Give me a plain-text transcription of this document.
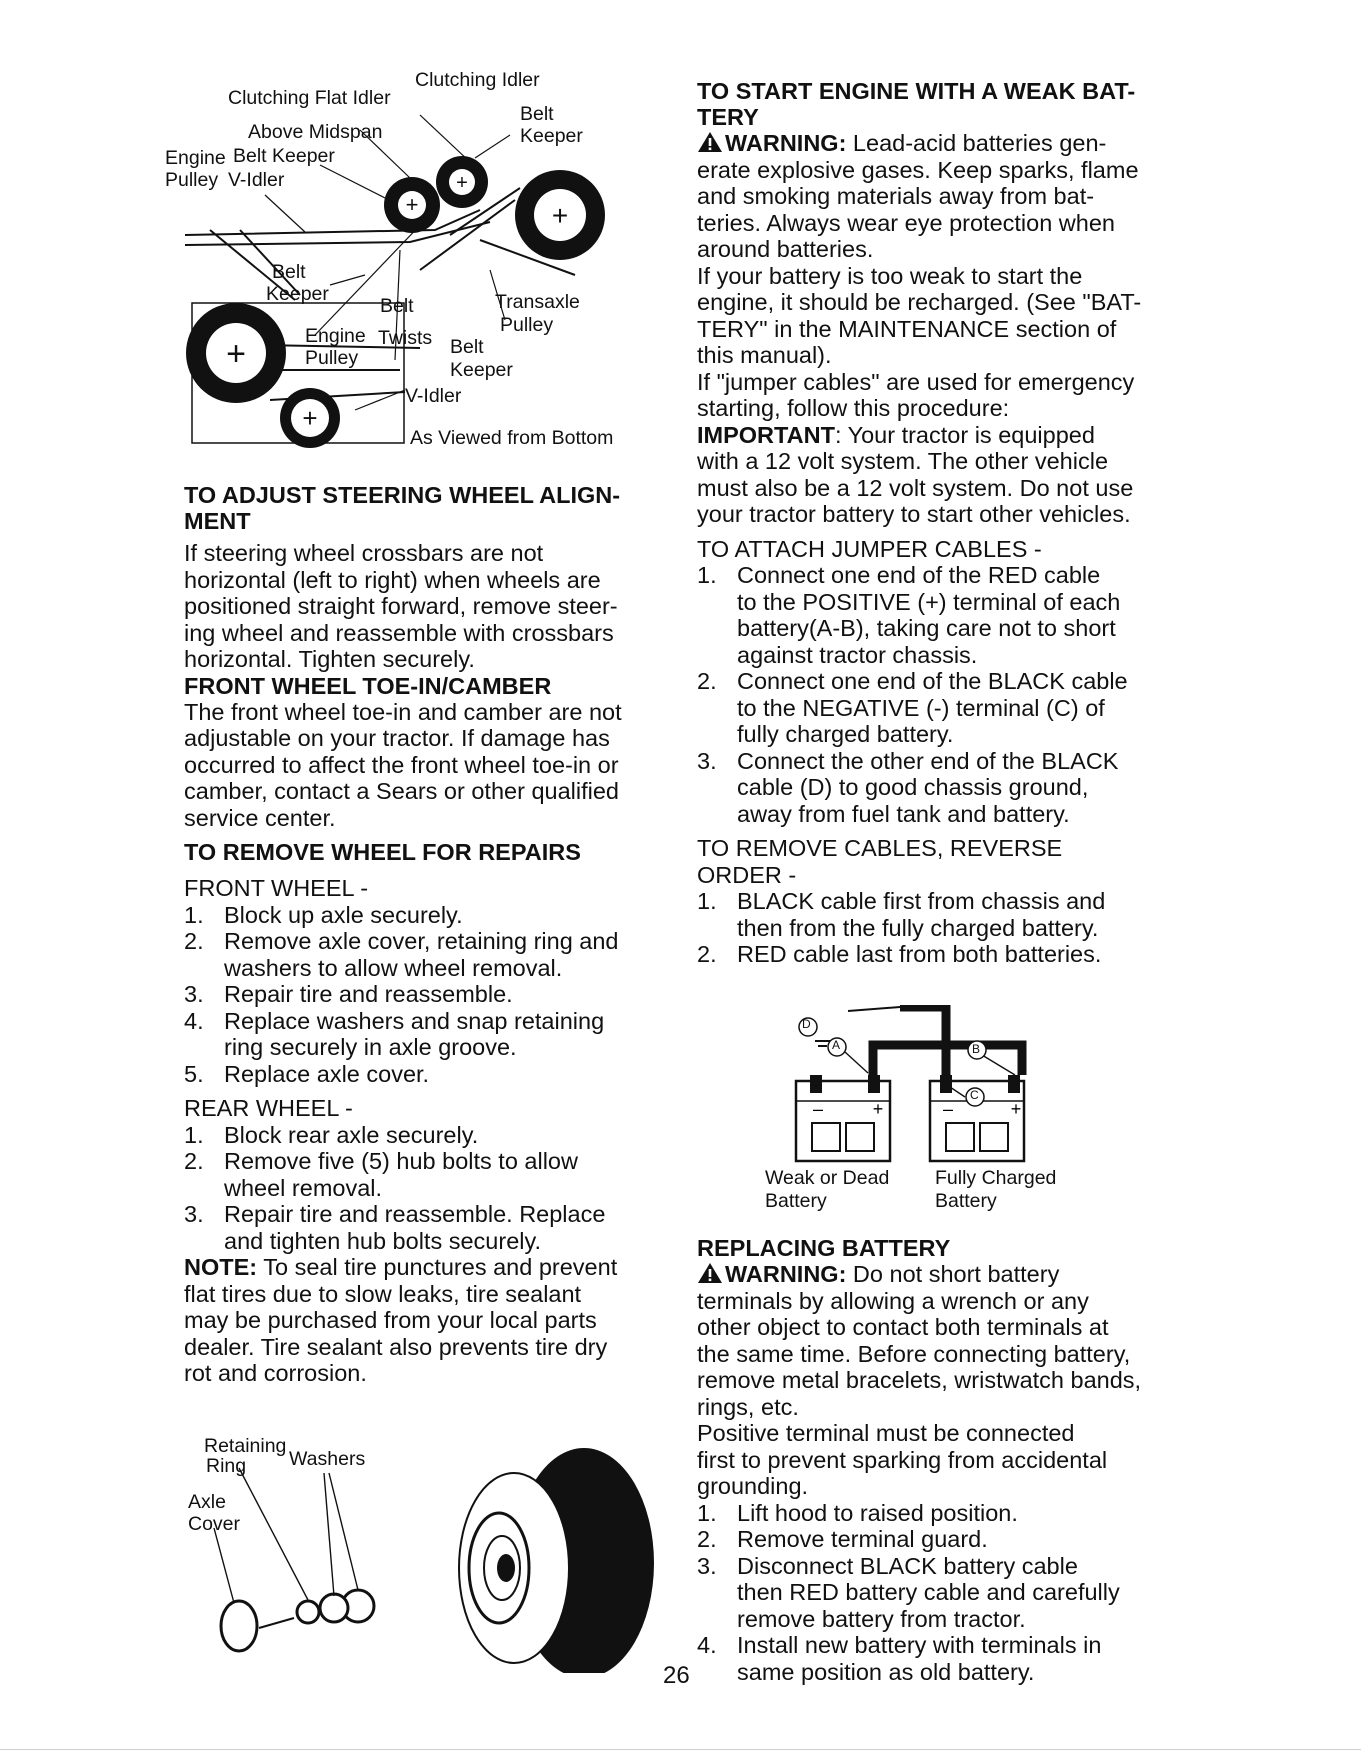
+
+
+
+
+
Clutching Idler
Clutching Flat Idler
Belt
Above Midspan	Keeper
Engine Belt Keeper
Pulley V-Idler
Belt
Keeper
Belt	Transaxle
Engine Twists
Pulley
Belt
Pulley
Keeper
V-Idler
As Viewed from Bottom

TO ADJUST STEERING WHEEL ALIGN-

MENT

If steering wheel crossbars are not

horizontal (left to right) when wheels are

positioned straight forward, remove steer-

ing wheel and reassemble with crossbars

horizontal. Tighten securely.

FRONT WHEEL TOE-IN/CAMBER

The front wheel toe-in and camber are not

adjustable on your tractor. If damage has

occurred to affect the front wheel toe-in or

camber, contact a Sears or other qualified

service center.

TO REMOVE WHEEL FOR REPAIRS

FRONT WHEEL -

1. Block up axle securely.

2. Remove axle cover, retaining ring and

washers to allow wheel removal.

3. Repair tire and reassemble.

4. Replace washers and snap retaining

ring securely in axle groove.

5. Replace axle cover.

REAR WHEEL -

1. Block rear axle securely.

2. Remove five (5) hub bolts to allow

wheel removal.

3. Repair tire and reassemble. Replace

and tighten hub bolts securely.

NOTE: To seal tire punctures and prevent

flat tires due to slow leaks, tire sealant

may be purchased from your local parts

dealer. Tire sealant also prevents tire dry

rot and corrosion.

Retaining
Ring Washers
Axle
Cover

TO START ENGINE WITH A WEAK BAT-

TERY

WARNING: Lead-acid batteries gen-

erate explosive gases. Keep sparks, flame

and smoking materials away from bat-

teries. Always wear eye protection when

around batteries.

If your battery is too weak to start the

engine, it should be recharged. (See "BAT-

TERY" in the MAINTENANCE section of

this manual).

If "jumper cables" are used for emergency

starting, follow this procedure:

IMPORTANT: Your tractor is equipped

with a 12 volt system. The other vehicle

must also be a 12 volt system. Do not use

your tractor battery to start other vehicles.

TO ATTACH JUMPER CABLES -

1. Connect one end of the RED cable

to the POSITIVE (+) terminal of each

battery(A-B), taking care not to short

against tractor chassis.

2. Connect one end of the BLACK cable

to the NEGATIVE (-) terminal (C) of

fully charged battery.

3. Connect the other end of the BLACK

cable (D) to good chassis ground,

away from fuel tank and battery.

TO REMOVE CABLES, REVERSE

ORDER -

1. BLACK cable first from chassis and

then from the fully charged battery.

2. RED cable last from both batteries.

–	+	–	+
D
A	B
C
Weak or Dead
Battery
Fully Charged
Battery

REPLACING BATTERY

WARNING: Do not short battery

terminals by allowing a wrench or any

other object to contact both terminals at

the same time. Before connecting battery,

remove metal bracelets, wristwatch bands,

rings, etc.

Positive terminal must be connected

first to prevent sparking from accidental

grounding.

1. Lift hood to raised position.

2. Remove terminal guard.

3. Disconnect BLACK battery cable

then RED battery cable and carefully

remove battery from tractor.

4. Install new battery with terminals in

same position as old battery.

26
